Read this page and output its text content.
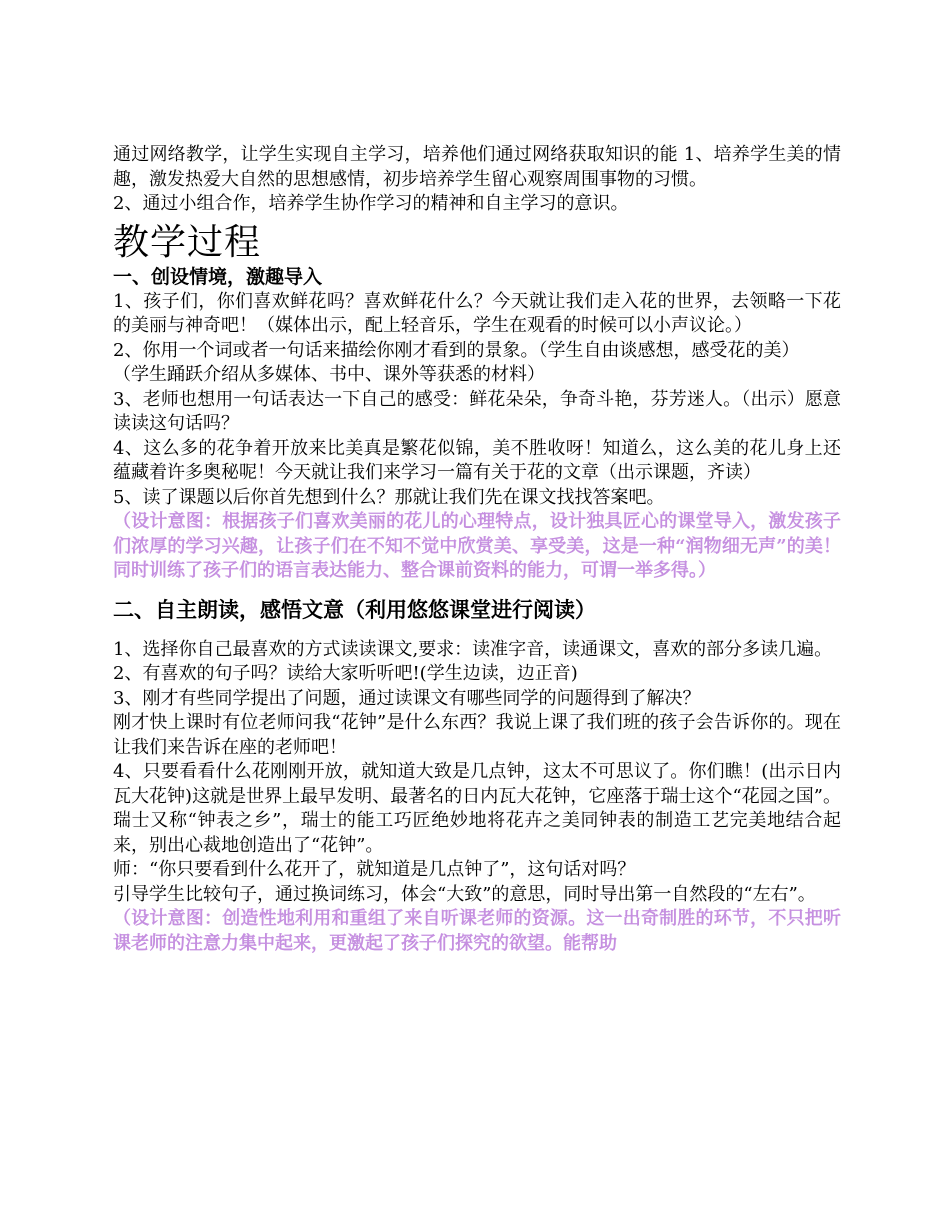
通过网络教学，让学生实现自主学习，培养他们通过网络获取知识的能 1、培养学生美的情趣，激发热爱大自然的思想感情，初步培养学生留心观察周围事物的习惯。

2、通过小组合作，培养学生协作学习的精神和自主学习的意识。

教学过程
一、创设情境，激趣导入

1、孩子们，你们喜欢鲜花吗？喜欢鲜花什么？今天就让我们走入花的世界，去领略一下花的美丽与神奇吧！（媒体出示，配上轻音乐，学生在观看的时候可以小声议论。）

2、你用一个词或者一句话来描绘你刚才看到的景象。（学生自由谈感想，感受花的美）

（学生踊跃介绍从多媒体、书中、课外等获悉的材料）

3、老师也想用一句话表达一下自己的感受：鲜花朵朵，争奇斗艳，芬芳迷人。（出示）愿意读读这句话吗？

4、这么多的花争着开放来比美真是繁花似锦，美不胜收呀！知道么，这么美的花儿身上还蕴藏着许多奥秘呢！今天就让我们来学习一篇有关于花的文章（出示课题，齐读）

5、读了课题以后你首先想到什么？那就让我们先在课文找找答案吧。

（设计意图：根据孩子们喜欢美丽的花儿的心理特点，设计独具匠心的课堂导入，激发孩子们浓厚的学习兴趣，让孩子们在不知不觉中欣赏美、享受美，这是一种“润物细无声”的美！同时训练了孩子们的语言表达能力、整合课前资料的能力，可谓一举多得。）

二、自主朗读，感悟文意（利用悠悠课堂进行阅读）

1、选择你自己最喜欢的方式读读课文,要求：读准字音，读通课文，喜欢的部分多读几遍。

2、有喜欢的句子吗？读给大家听听吧!(学生边读，边正音)

3、刚才有些同学提出了问题，通过读课文有哪些同学的问题得到了解决？

刚才快上课时有位老师问我“花钟”是什么东西？我说上课了我们班的孩子会告诉你的。现在让我们来告诉在座的老师吧！

4、只要看看什么花刚刚开放，就知道大致是几点钟，这太不可思议了。你们瞧！(出示日内瓦大花钟)这就是世界上最早发明、最著名的日内瓦大花钟，它座落于瑞士这个“花园之国”。瑞士又称“钟表之乡”，瑞士的能工巧匠绝妙地将花卉之美同钟表的制造工艺完美地结合起来，别出心裁地创造出了“花钟”。

师：“你只要看到什么花开了，就知道是几点钟了”，这句话对吗？

引导学生比较句子，通过换词练习，体会“大致”的意思，同时导出第一自然段的“左右”。

（设计意图：创造性地利用和重组了来自听课老师的资源。这一出奇制胜的环节，不只把听课老师的注意力集中起来，更激起了孩子们探究的欲望。能帮助
